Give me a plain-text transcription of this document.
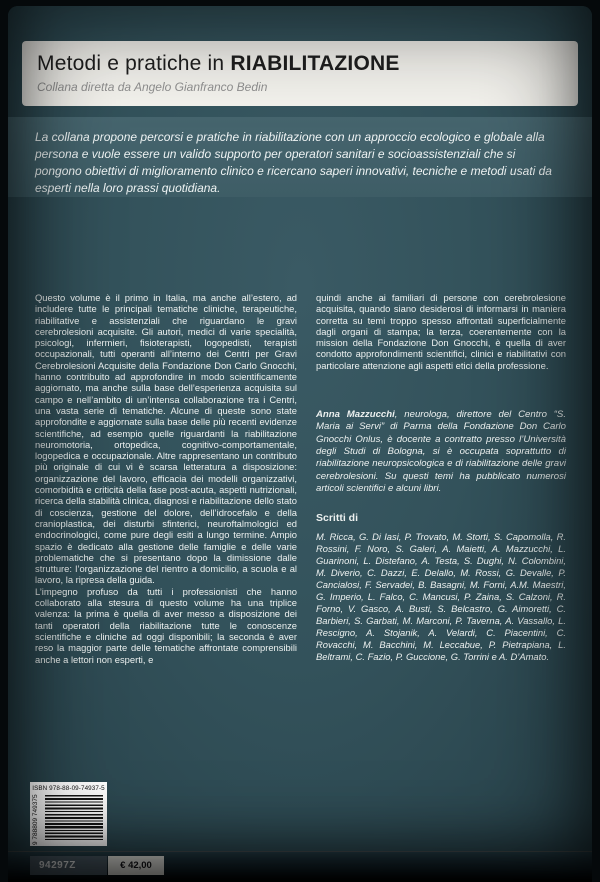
Metodi e pratiche in RIABILITAZIONE
Collana diretta da Angelo Gianfranco Bedin

La collana propone percorsi e pratiche in riabilitazione con un approccio ecologico e globale alla persona e vuole essere un valido supporto per operatori sanitari e socioassistenziali che si pongono obiettivi di miglioramento clinico e ricercano saperi innovativi, tecniche e metodi usati da esperti nella loro prassi quotidiana.

Questo volume è il primo in Italia, ma anche all’estero, ad includere tutte le principali tematiche cliniche, terapeutiche, riabilitative e assistenziali che riguardano le gravi cerebrolesioni acquisite. Gli autori, medici di varie specialità, psicologi, infermieri, fisioterapisti, logopedisti, terapisti occupazionali, tutti operanti all’interno dei Centri per Gravi Cerebrolesioni Acquisite della Fondazione Don Carlo Gnocchi, hanno contribuito ad approfondire in modo scientificamente aggiornato, ma anche sulla base dell’esperienza acquisita sul campo e nell’ambito di un’intensa collaborazione tra i Centri, una vasta serie di tematiche. Alcune di queste sono state approfondite e aggiornate sulla base delle più recenti evidenze scientifiche, ad esempio quelle riguardanti la riabilitazione neuromotoria, ortopedica, cognitivo-comportamentale, logopedica e occupazionale. Altre rappresentano un contributo più originale di cui vi è scarsa letteratura a disposizione: organizzazione del lavoro, efficacia dei modelli organizzativi, comorbidità e criticità della fase post-acuta, aspetti nutrizionali, ricerca della stabilità clinica, diagnosi e riabilitazione dello stato di coscienza, gestione del dolore, dell’idrocefalo e della cranioplastica, dei disturbi sfinterici, neuroftalmologici ed endocrinologici, come pure degli esiti a lungo termine. Ampio spazio è dedicato alla gestione delle famiglie e delle varie problematiche che si presentano dopo la dimissione dalle strutture: l’organizzazione del rientro a domicilio, a scuola e al lavoro, la ripresa della guida.

L’impegno profuso da tutti i professionisti che hanno collaborato alla stesura di questo volume ha una triplice valenza: la prima è quella di aver messo a disposizione dei tanti operatori della riabilitazione tutte le conoscenze scientifiche e cliniche ad oggi disponibili; la seconda è aver reso la maggior parte delle tematiche affrontate comprensibili anche a lettori non esperti, e

quindi anche ai familiari di persone con cerebrolesione acquisita, quando siano desiderosi di informarsi in maniera corretta su temi troppo spesso affrontati superficialmente dagli organi di stampa; la terza, coerentemente con la mission della Fondazione Don Gnocchi, è quella di aver condotto approfondimenti scientifici, clinici e riabilitativi con particolare attenzione agli aspetti etici della professione.

Anna Mazzucchi, neurologa, direttore del Centro “S. Maria ai Servi” di Parma della Fondazione Don Carlo Gnocchi Onlus, è docente a contratto presso l’Università degli Studi di Bologna, si è occupata soprattutto di riabilitazione neuropsicologica e di riabilitazione delle gravi cerebrolesioni. Su questi temi ha pubblicato numerosi articoli scientifici e alcuni libri.

Scritti di

M. Ricca, G. Di Iasi, P. Trovato, M. Storti, S. Capomolla, R. Rossini, F. Noro, S. Galeri, A. Maietti, A. Mazzucchi, L. Guarinoni, L. Distefano, A. Testa, S. Dughi, N. Colombini, M. Diverio, C. Dazzi, E. Delallo, M. Rossi, G. Devalle, P. Cancialosi, F. Servadei, B. Basagni, M. Forni, A.M. Maestri, G. Imperio, L. Falco, C. Mancusi, P. Zaina, S. Calzoni, R. Forno, V. Gasco, A. Busti, S. Belcastro, G. Aimoretti, C. Barbieri, S. Garbati, M. Marconi, P. Taverna, A. Vassallo, L. Rescigno, A. Stojanik, A. Velardi, C. Piacentini, C. Rovacchi, M. Bacchini, M. Leccabue, P. Pietrapiana, L. Beltrami, C. Fazio, P. Guccione, G. Torrini e A. D’Amato.

ISBN 978-88-09-74937-5
9 788809 749375
94297Z	€ 42,00
